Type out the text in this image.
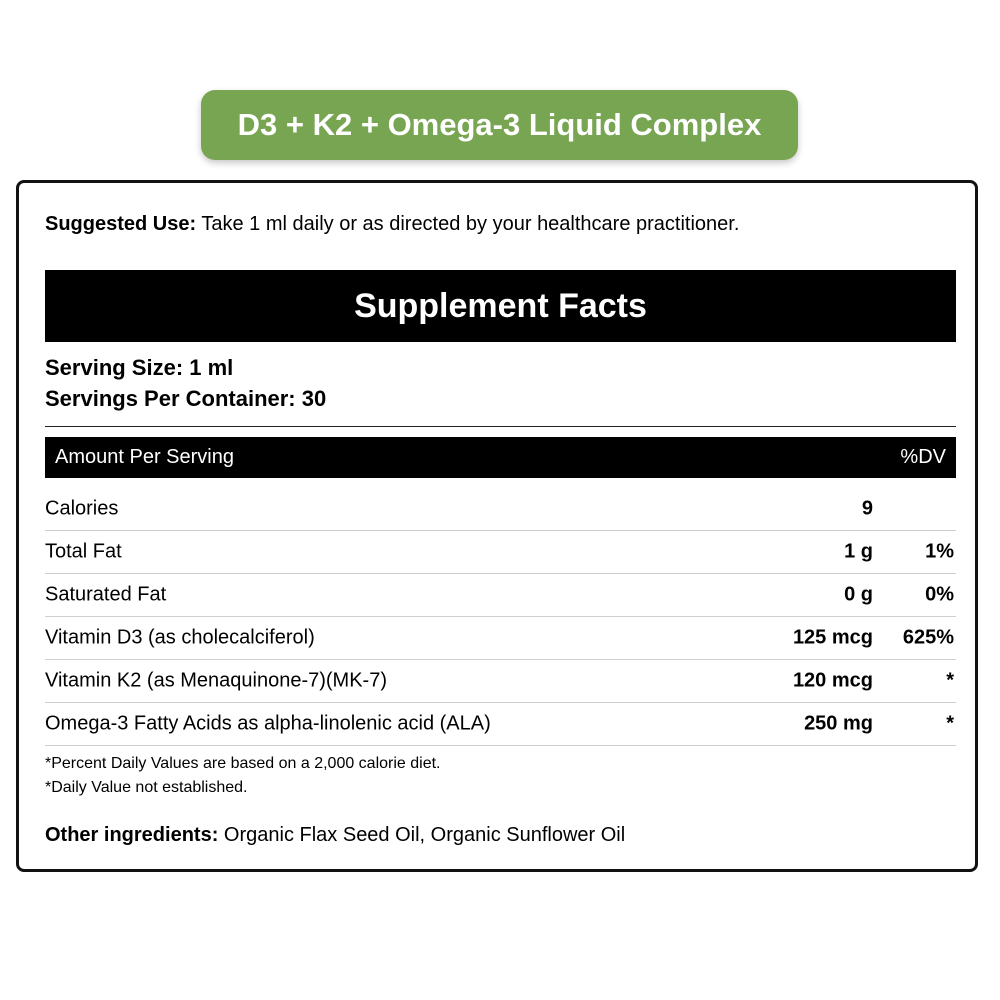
D3 + K2 + Omega-3 Liquid Complex
Suggested Use: Take 1 ml daily or as directed by your healthcare practitioner.
Supplement Facts
Serving Size: 1 ml
Servings Per Container: 30
Amount Per Serving	%DV
Calories	9
Total Fat	1 g	1%
Saturated Fat	0 g	0%
Vitamin D3 (as cholecalciferol)	125 mcg 625%
Vitamin K2 (as Menaquinone-7)(MK-7)	120 mcg	*
Omega-3 Fatty Acids as alpha-linolenic acid (ALA)	250 mg	*
*Percent Daily Values are based on a 2,000 calorie diet.
*Daily Value not established.
Other ingredients: Organic Flax Seed Oil, Organic Sunflower Oil
